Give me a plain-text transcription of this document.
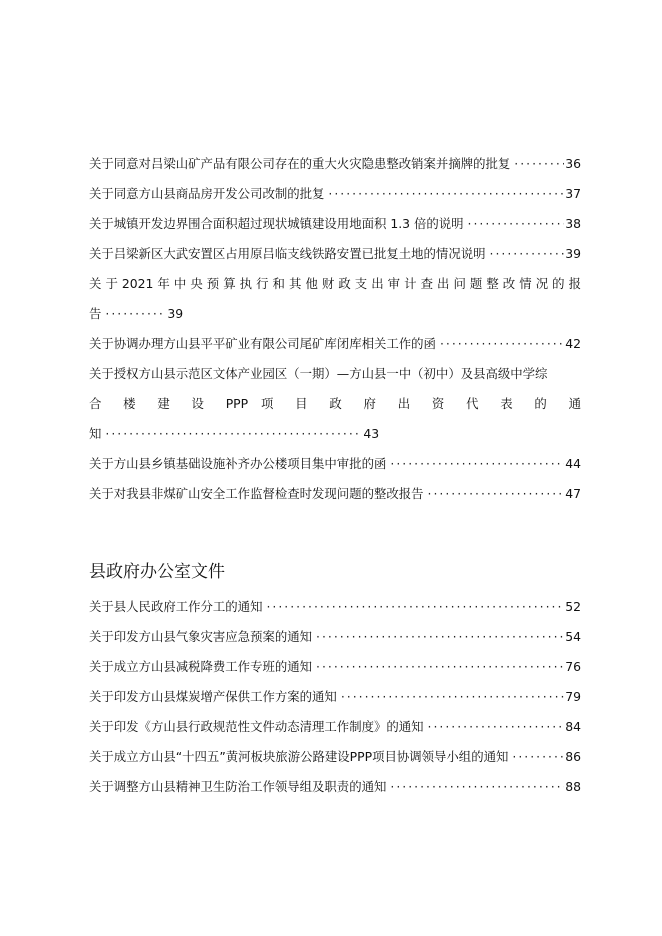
关于同意对吕梁山矿产品有限公司存在的重大火灾隐患整改销案并摘牌的批复 ·····	36
关于同意方山县商品房开发公司改制的批复 ·····	37
关于城镇开发边界围合面积超过现状城镇建设用地面积 1.3 倍的说明 ·····	38
关于吕梁新区大武安置区占用原吕临支线铁路安置已批复土地的情况说明 ·····	39
关 于 2021 年 中 央 预 算 执 行 和 其 他 财 政 支 出 审 计 查 出 问 题 整 改 情 况 的 报
告 ·····	39
关于协调办理方山县平平矿业有限公司尾矿库闭库相关工作的函 ·····	42
关于授权方山县示范区文体产业园区（一期）—方山县一中（初中）及县高级中学综
合 楼 建 设 PPP 项 目 政 府 出 资 代 表 的 通
知 ·····	43
关于方山县乡镇基础设施补齐办公楼项目集中审批的函 ·····	44
关于对我县非煤矿山安全工作监督检查时发现问题的整改报告 ·····	47
县政府办公室文件
关于县人民政府工作分工的通知 ·····	52
关于印发方山县气象灾害应急预案的通知 ·····	54
关于成立方山县减税降费工作专班的通知 ·····	76
关于印发方山县煤炭增产保供工作方案的通知 ·····	79
关于印发《方山县行政规范性文件动态清理工作制度》的通知 ·····	84
关于成立方山县“十四五”黄河板块旅游公路建设PPP项目协调领导小组的通知 ·····	86
关于调整方山县精神卫生防治工作领导组及职责的通知 ·····	88
